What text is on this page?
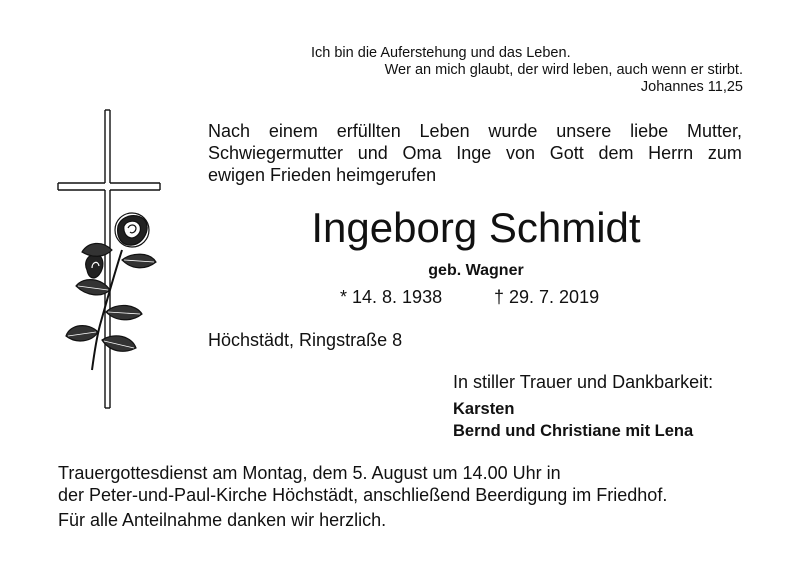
Ich bin die Auferstehung und das Leben.
Wer an mich glaubt, der wird leben, auch wenn er stirbt.
Johannes 11,25
Nach einem erfüllten Leben wurde unsere liebe Mutter,
Schwiegermutter und Oma Inge von Gott dem Herrn zum
ewigen Frieden heimgerufen
Ingeborg Schmidt
geb. Wagner
* 14. 8. 1938	† 29. 7. 2019
Höchstädt, Ringstraße 8
In stiller Trauer und Dankbarkeit:
Karsten
Bernd und Christiane mit Lena
Trauergottesdienst am Montag, dem 5. August um 14.00 Uhr in
der Peter-und-Paul-Kirche Höchstädt, anschließend Beerdigung im Friedhof.
Für alle Anteilnahme danken wir herzlich.
